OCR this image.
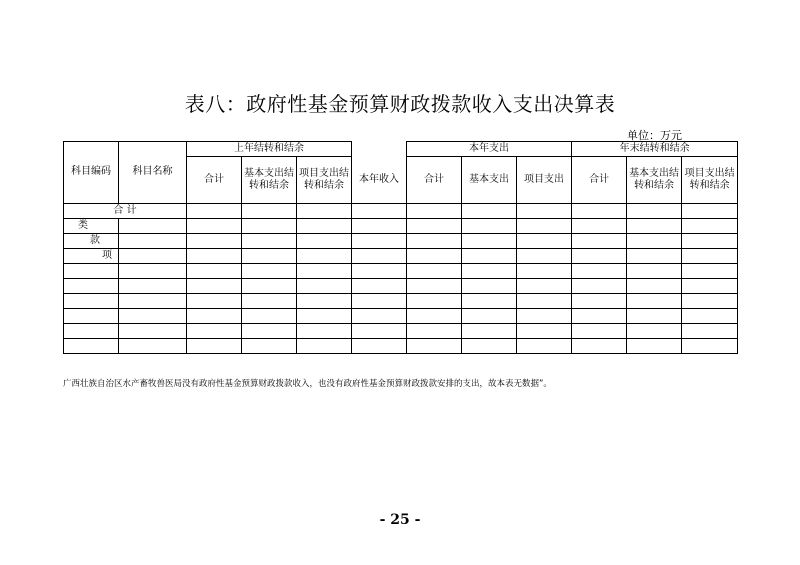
表八：政府性基金预算财政拨款收入支出决算表
单位：万元
科目编码	科目名称	上年结转和结余				本年支出			年末结转和结余		
		合计	基本支出结转和结余	项目支出结转和结余	本年收入	合计	基本支出	项目支出	合计	基本支出结转和结余	项目支出结转和结余
合 计											
类											
款											
项											

广西壮族自治区水产畜牧兽医局没有政府性基金预算财政拨款收入，也没有政府性基金预算财政拨款安排的支出，故本表无数据”。
- 25 -
